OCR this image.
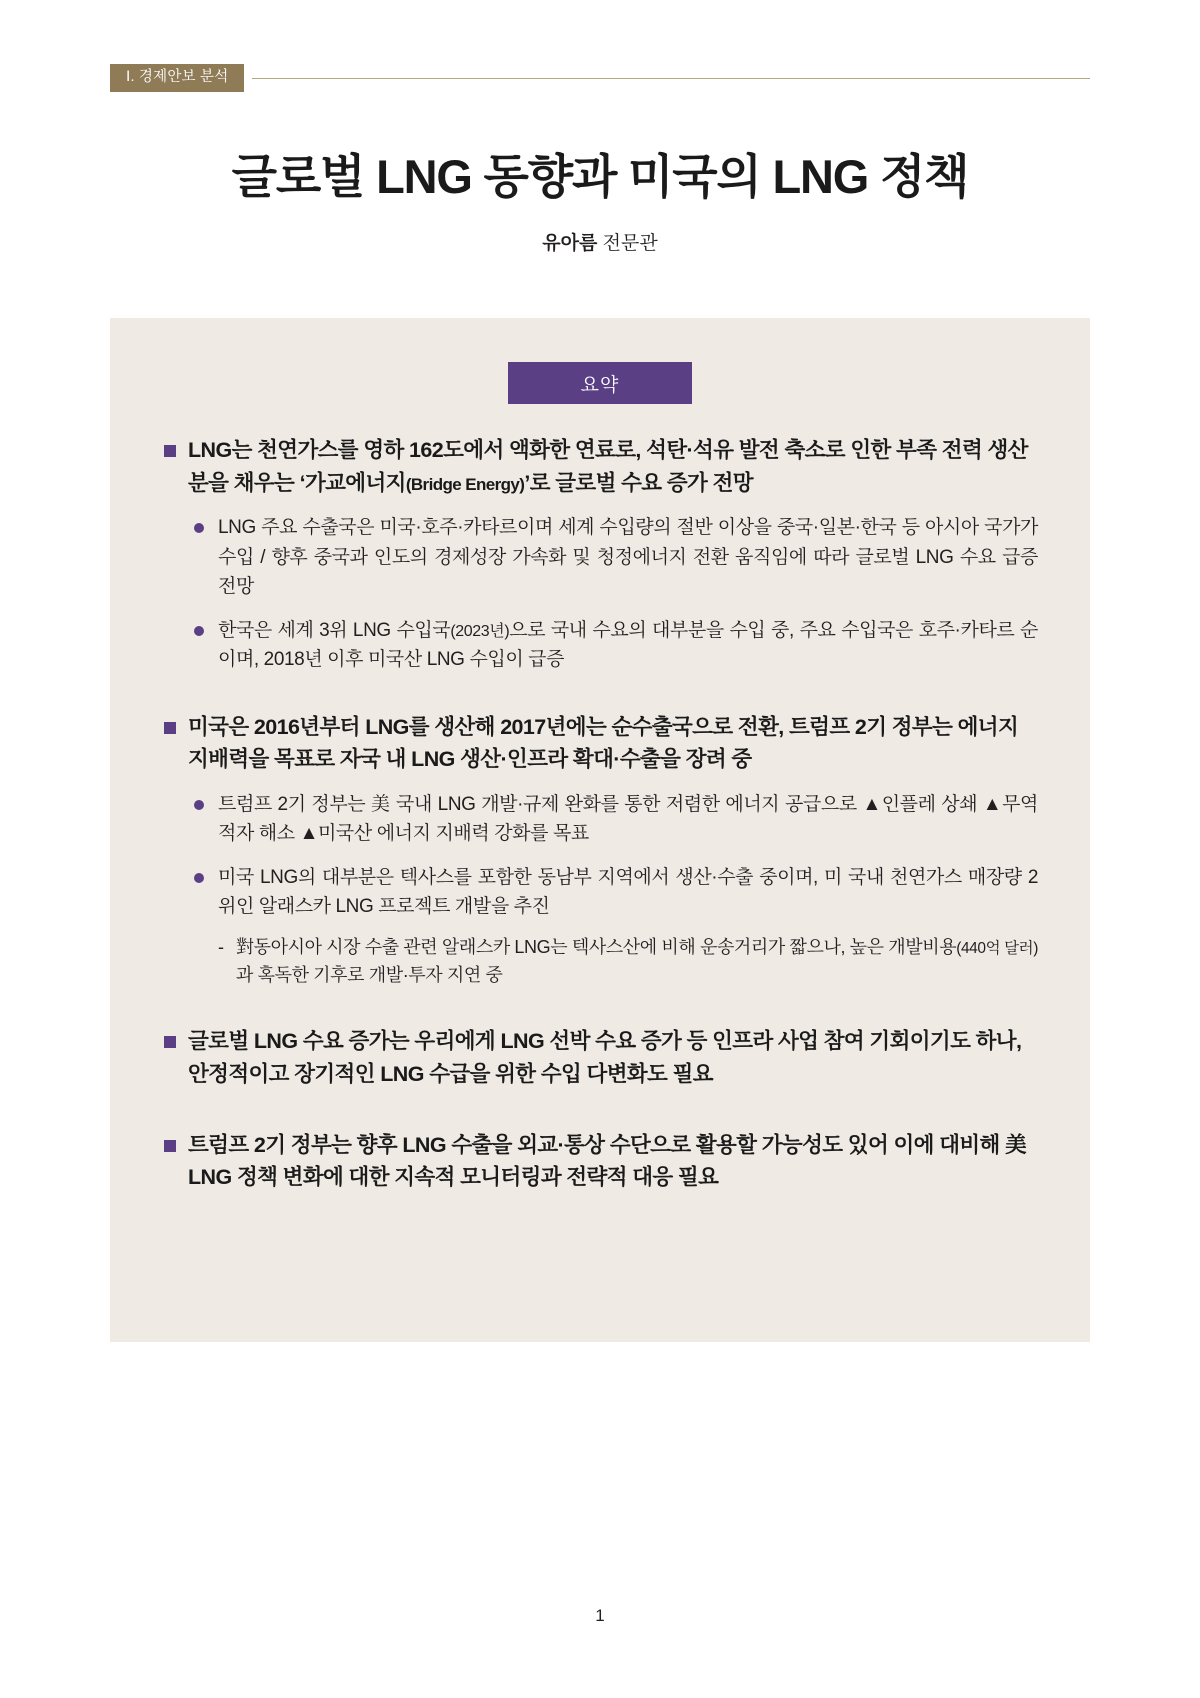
Ⅰ. 경제안보 분석
글로벌 LNG 동향과 미국의 LNG 정책
유아름 전문관
요약
LNG는 천연가스를 영하 162도에서 액화한 연료로, 석탄·석유 발전 축소로 인한 부족 전력 생산분을 채우는 ‘가교에너지(Bridge Energy)’로 글로벌 수요 증가 전망
LNG 주요 수출국은 미국·호주·카타르이며 세계 수입량의 절반 이상을 중국·일본·한국 등 아시아 국가가 수입 / 향후 중국과 인도의 경제성장 가속화 및 청정에너지 전환 움직임에 따라 글로벌 LNG 수요 급증 전망
한국은 세계 3위 LNG 수입국(2023년)으로 국내 수요의 대부분을 수입 중, 주요 수입국은 호주·카타르 순이며, 2018년 이후 미국산 LNG 수입이 급증
미국은 2016년부터 LNG를 생산해 2017년에는 순수출국으로 전환, 트럼프 2기 정부는 에너지 지배력을 목표로 자국 내 LNG 생산·인프라 확대·수출을 장려 중
트럼프 2기 정부는 美 국내 LNG 개발·규제 완화를 통한 저렴한 에너지 공급으로 ▲인플레 상쇄 ▲무역적자 해소 ▲미국산 에너지 지배력 강화를 목표
미국 LNG의 대부분은 텍사스를 포함한 동남부 지역에서 생산·수출 중이며, 미 국내 천연가스 매장량 2위인 알래스카 LNG 프로젝트 개발을 추진
- 對동아시아 시장 수출 관련 알래스카 LNG는 텍사스산에 비해 운송거리가 짧으나, 높은 개발비용(440억 달러)과 혹독한 기후로 개발·투자 지연 중
글로벌 LNG 수요 증가는 우리에게 LNG 선박 수요 증가 등 인프라 사업 참여 기회이기도 하나, 안정적이고 장기적인 LNG 수급을 위한 수입 다변화도 필요
트럼프 2기 정부는 향후 LNG 수출을 외교·통상 수단으로 활용할 가능성도 있어 이에 대비해 美 LNG 정책 변화에 대한 지속적 모니터링과 전략적 대응 필요
1
